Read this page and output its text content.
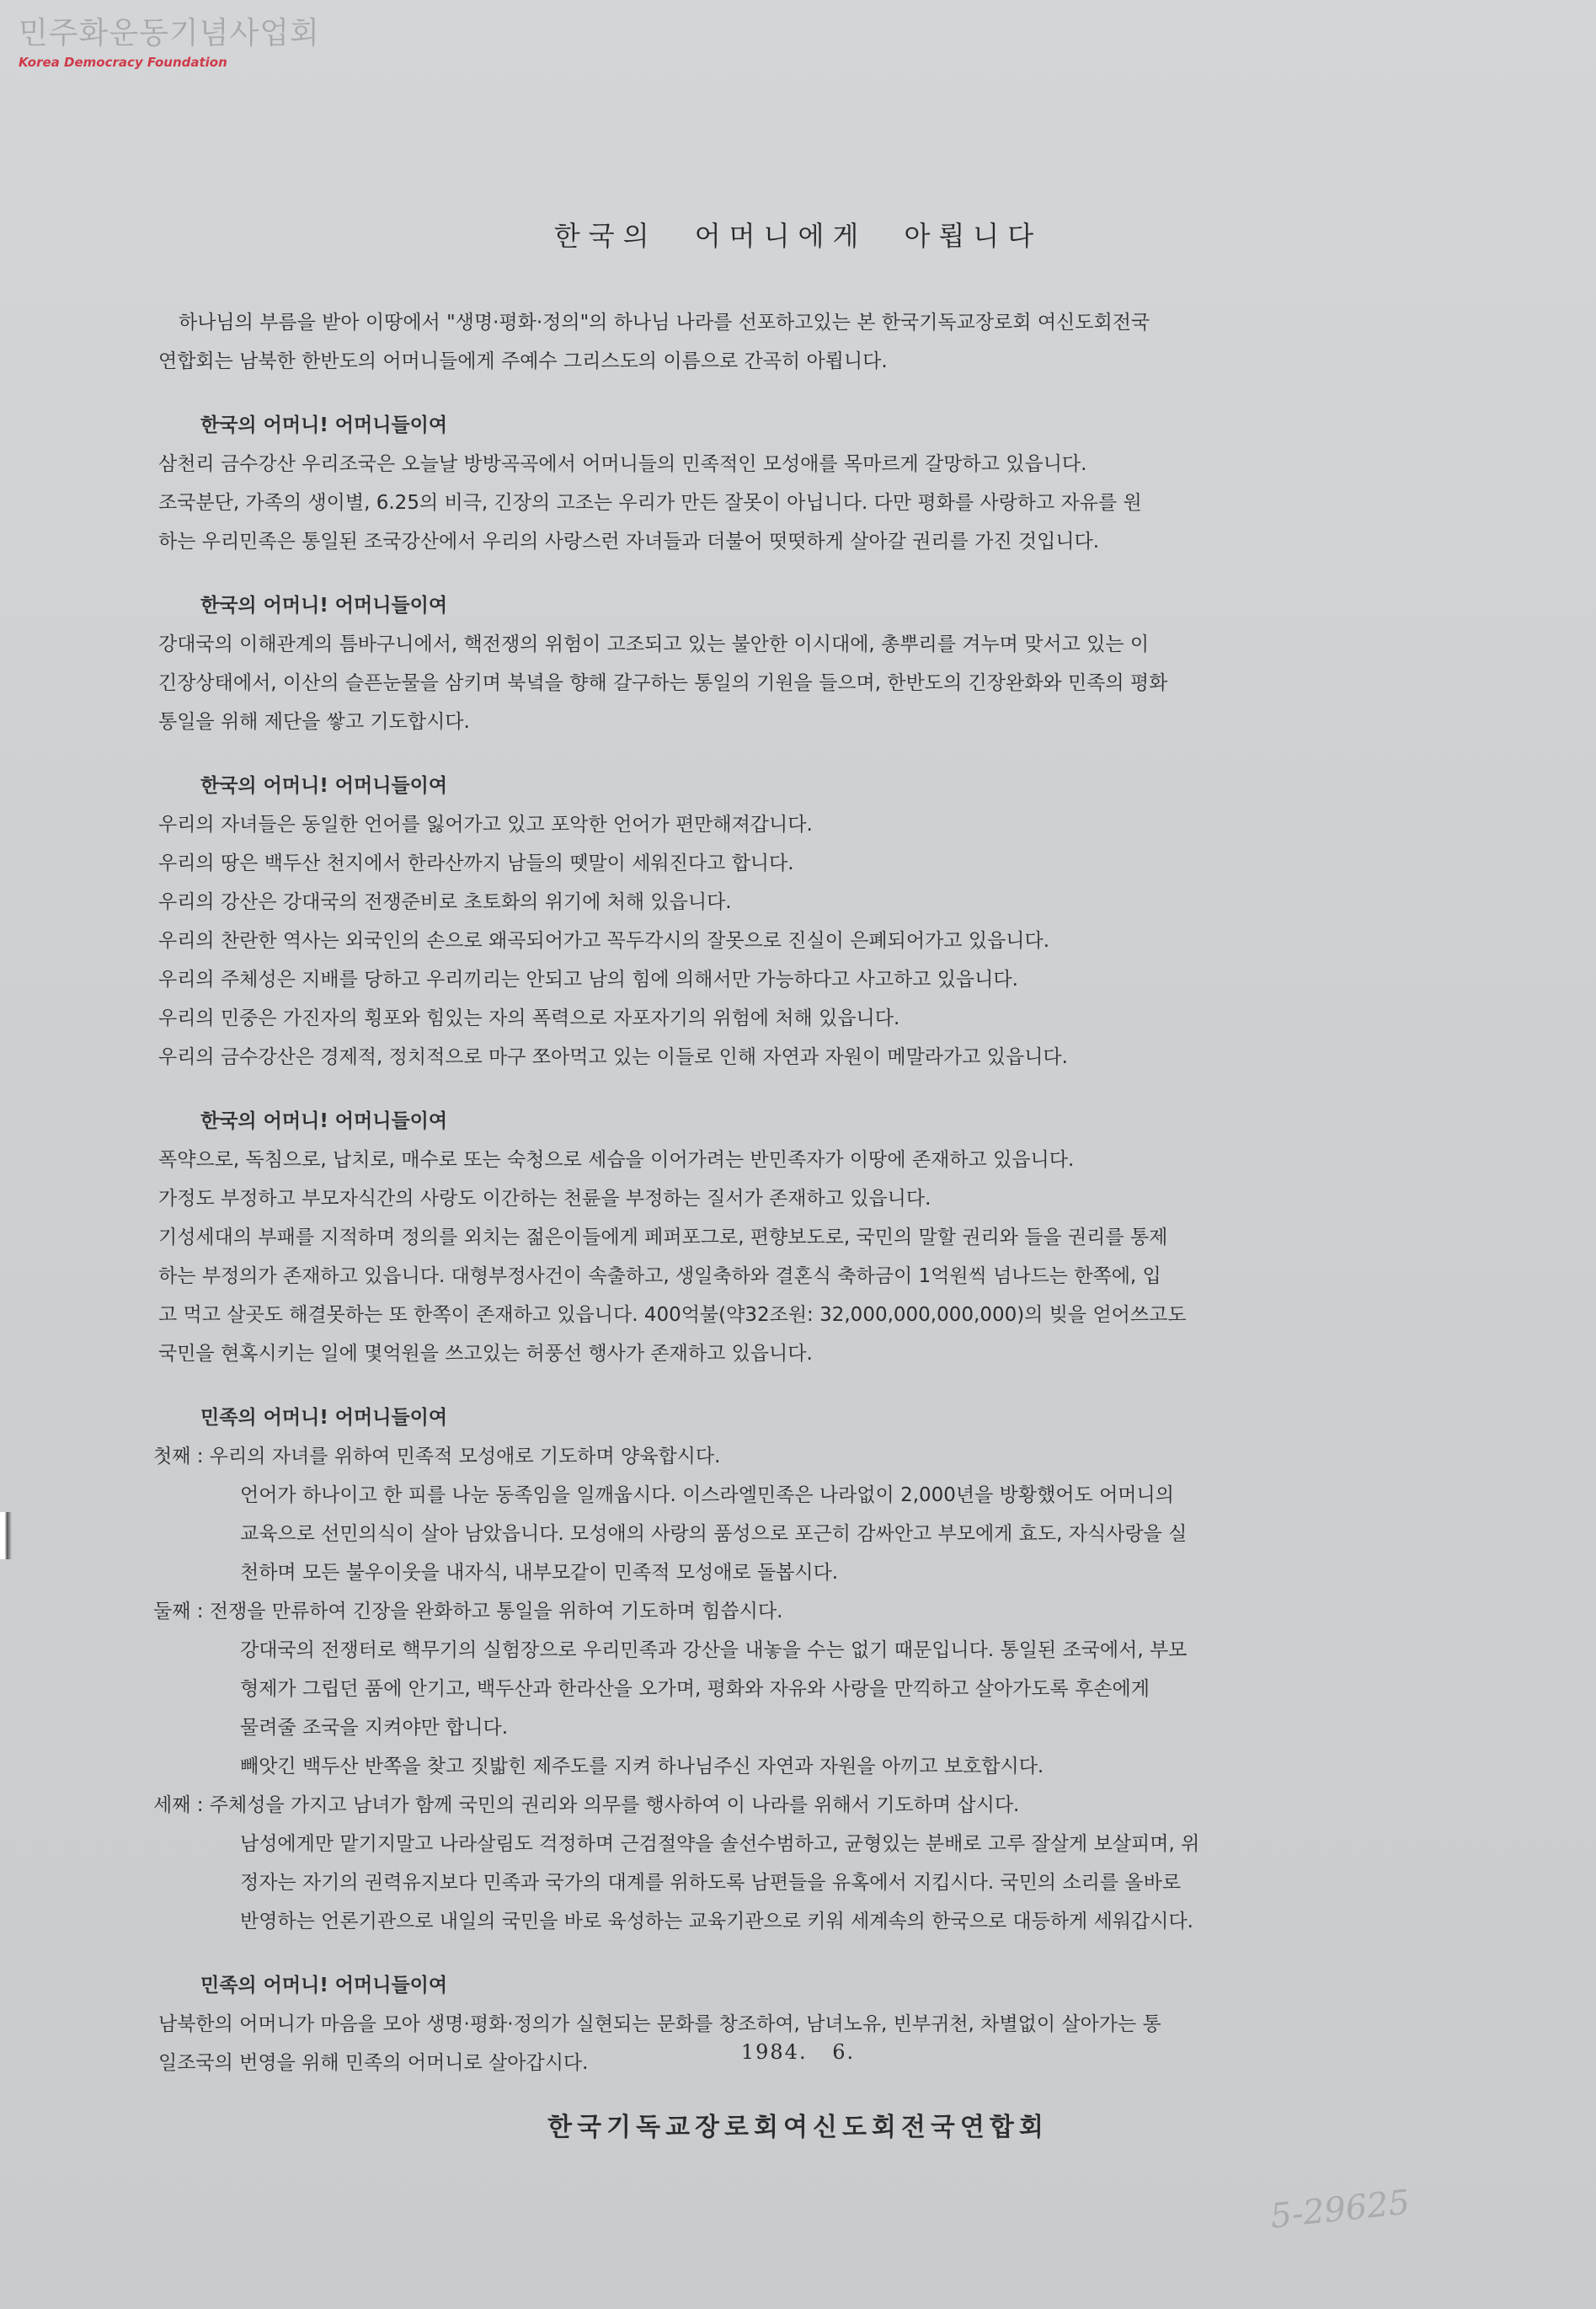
민주화운동기념사업회
Korea Democracy Foundation
한국의 어머니에게 아룁니다

하나님의 부름을 받아 이땅에서 "생명·평화·정의"의 하나님 나라를 선포하고있는 본 한국기독교장로회 여신도회전국

연합회는 남북한 한반도의 어머니들에게 주예수 그리스도의 이름으로 간곡히 아룁니다.

한국의 어머니! 어머니들이여

삼천리 금수강산 우리조국은 오늘날 방방곡곡에서 어머니들의 민족적인 모성애를 목마르게 갈망하고 있읍니다.

조국분단, 가족의 생이별, 6.25의 비극, 긴장의 고조는 우리가 만든 잘못이 아닙니다. 다만 평화를 사랑하고 자유를 원

하는 우리민족은 통일된 조국강산에서 우리의 사랑스런 자녀들과 더불어 떳떳하게 살아갈 권리를 가진 것입니다.

한국의 어머니! 어머니들이여

강대국의 이해관계의 틈바구니에서, 핵전쟁의 위험이 고조되고 있는 불안한 이시대에, 총뿌리를 겨누며 맞서고 있는 이

긴장상태에서, 이산의 슬픈눈물을 삼키며 북녘을 향해 갈구하는 통일의 기원을 들으며, 한반도의 긴장완화와 민족의 평화

통일을 위해 제단을 쌓고 기도합시다.

한국의 어머니! 어머니들이여

우리의 자녀들은 동일한 언어를 잃어가고 있고 포악한 언어가 편만해져갑니다.

우리의 땅은 백두산 천지에서 한라산까지 남들의 뗏말이 세워진다고 합니다.

우리의 강산은 강대국의 전쟁준비로 초토화의 위기에 처해 있읍니다.

우리의 찬란한 역사는 외국인의 손으로 왜곡되어가고 꼭두각시의 잘못으로 진실이 은폐되어가고 있읍니다.

우리의 주체성은 지배를 당하고 우리끼리는 안되고 남의 힘에 의해서만 가능하다고 사고하고 있읍니다.

우리의 민중은 가진자의 횡포와 힘있는 자의 폭력으로 자포자기의 위험에 처해 있읍니다.

우리의 금수강산은 경제적, 정치적으로 마구 쪼아먹고 있는 이들로 인해 자연과 자원이 메말라가고 있읍니다.

한국의 어머니! 어머니들이여

폭약으로, 독침으로, 납치로, 매수로 또는 숙청으로 세습을 이어가려는 반민족자가 이땅에 존재하고 있읍니다.

가정도 부정하고 부모자식간의 사랑도 이간하는 천륜을 부정하는 질서가 존재하고 있읍니다.

기성세대의 부패를 지적하며 정의를 외치는 젊은이들에게 페퍼포그로, 편향보도로, 국민의 말할 권리와 들을 권리를 통제

하는 부정의가 존재하고 있읍니다. 대형부정사건이 속출하고, 생일축하와 결혼식 축하금이 1억원씩 넘나드는 한쪽에, 입

고 먹고 살곳도 해결못하는 또 한쪽이 존재하고 있읍니다. 400억불(약32조원: 32,000,000,000,000)의 빚을 얻어쓰고도

국민을 현혹시키는 일에 몇억원을 쓰고있는 허풍선 행사가 존재하고 있읍니다.

민족의 어머니! 어머니들이여

첫째 : 우리의 자녀를 위하여 민족적 모성애로 기도하며 양육합시다.

언어가 하나이고 한 피를 나눈 동족임을 일깨웁시다. 이스라엘민족은 나라없이 2,000년을 방황했어도 어머니의

교육으로 선민의식이 살아 남았읍니다. 모성애의 사랑의 품성으로 포근히 감싸안고 부모에게 효도, 자식사랑을 실

천하며 모든 불우이웃을 내자식, 내부모같이 민족적 모성애로 돌봅시다.

둘째 : 전쟁을 만류하여 긴장을 완화하고 통일을 위하여 기도하며 힘씁시다.

강대국의 전쟁터로 핵무기의 실험장으로 우리민족과 강산을 내놓을 수는 없기 때문입니다. 통일된 조국에서, 부모

형제가 그립던 품에 안기고, 백두산과 한라산을 오가며, 평화와 자유와 사랑을 만끽하고 살아가도록 후손에게

물려줄 조국을 지켜야만 합니다.

빼앗긴 백두산 반쪽을 찾고 짓밟힌 제주도를 지켜 하나님주신 자연과 자원을 아끼고 보호합시다.

세째 : 주체성을 가지고 남녀가 함께 국민의 권리와 의무를 행사하여 이 나라를 위해서 기도하며 삽시다.

남성에게만 맡기지말고 나라살림도 걱정하며 근검절약을 솔선수범하고, 균형있는 분배로 고루 잘살게 보살피며, 위

정자는 자기의 권력유지보다 민족과 국가의 대계를 위하도록 남편들을 유혹에서 지킵시다. 국민의 소리를 올바로

반영하는 언론기관으로 내일의 국민을 바로 육성하는 교육기관으로 키워 세계속의 한국으로 대등하게 세워갑시다.

민족의 어머니! 어머니들이여

남북한의 어머니가 마음을 모아 생명·평화·정의가 실현되는 문화를 창조하여, 남녀노유, 빈부귀천, 차별없이 살아가는 통

일조국의 번영을 위해 민족의 어머니로 살아갑시다.	1984. 6.
한국기독교장로회여신도회전국연합회
5-29625
